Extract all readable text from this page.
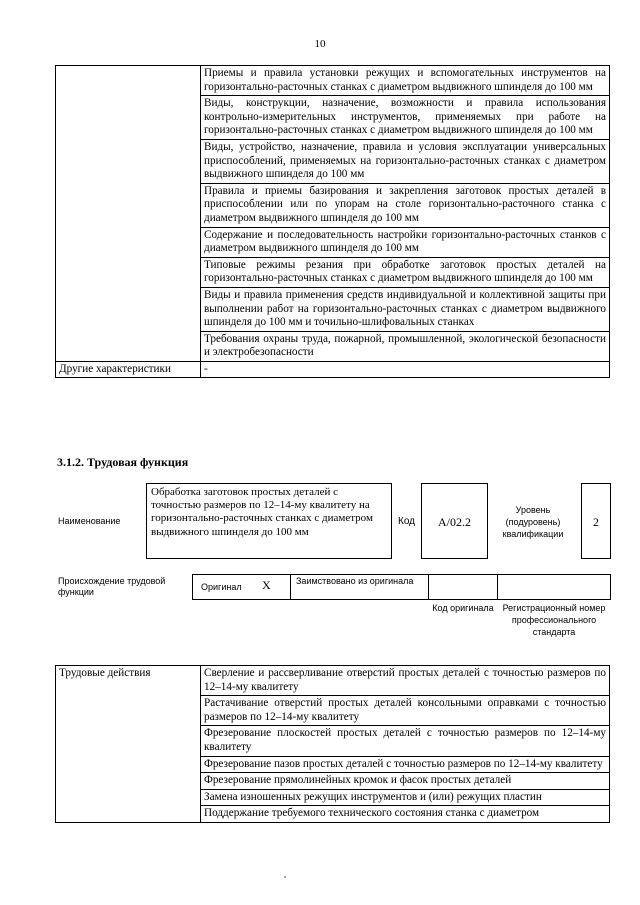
10
	Приемы и правила установки режущих и вспомогательных инструментов на горизонтально-расточных станках с диаметром выдвижного шпинделя до 100 мм
	Виды, конструкции, назначение, возможности и правила использования контрольно-измерительных инструментов, применяемых при работе на горизонтально-расточных станках с диаметром выдвижного шпинделя до 100 мм
	Виды, устройство, назначение, правила и условия эксплуатации универсальных приспособлений, применяемых на горизонтально-расточных станках с диаметром выдвижного шпинделя до 100 мм
	Правила и приемы базирования и закрепления заготовок простых деталей в приспособлении или по упорам на столе горизонтально-расточного станка с диаметром выдвижного шпинделя до 100 мм
	Содержание и последовательность настройки горизонтально-расточных станков с диаметром выдвижного шпинделя до 100 мм
	Типовые режимы резания при обработке заготовок простых деталей на горизонтально-расточных станках с диаметром выдвижного шпинделя до 100 мм
	Виды и правила применения средств индивидуальной и коллективной защиты при выполнении работ на горизонтально-расточных станках с диаметром выдвижного шпинделя до 100 мм и точильно-шлифовальных станках
	Требования охраны труда, пожарной, промышленной, экологической безопасности и электробезопасности
Другие характеристики	-
3.1.2. Трудовая функция
Наименование
Обработка заготовок простых деталей с точностью размеров по 12–14-му квалитету на горизонтально-расточных станках с диаметром выдвижного шпинделя до 100 мм
Код	A/02.2
Уровень (подуровень) квалификации
2
Происхождение трудовой функции	Оригинал X	Заимствовано из оригинала
Код оригинала Регистрационный номер профессионального стандарта
Трудовые действия	Сверление и рассверливание отверстий простых деталей с точностью размеров по 12–14-му квалитету
Растачивание отверстий простых деталей консольными оправками с точностью размеров по 12–14-му квалитету
Фрезерование плоскостей простых деталей с точностью размеров по 12–14-му квалитету
Фрезерование пазов простых деталей с точностью размеров по 12–14-му квалитету
Фрезерование прямолинейных кромок и фасок простых деталей
Замена изношенных режущих инструментов и (или) режущих пластин
Поддержание требуемого технического состояния станка с диаметром
